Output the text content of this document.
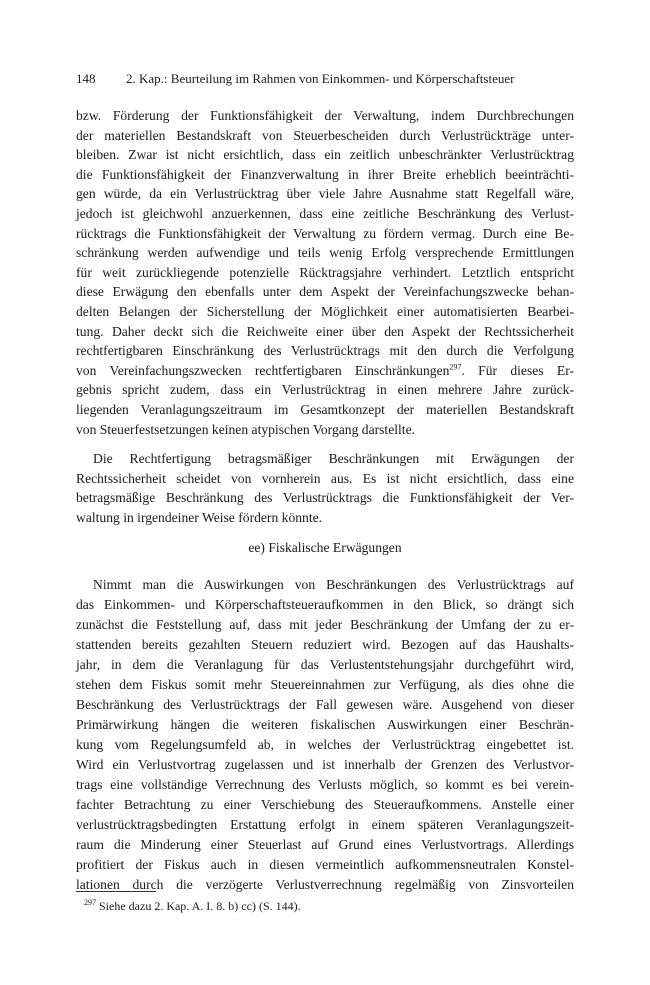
148 2. Kap.: Beurteilung im Rahmen von Einkommen- und Körperschaftsteuer
bzw. Förderung der Funktionsfähigkeit der Verwaltung, indem Durchbrechungen
der materiellen Bestandskraft von Steuerbescheiden durch Verlustrückträge unter-
bleiben. Zwar ist nicht ersichtlich, dass ein zeitlich unbeschränkter Verlustrücktrag
die Funktionsfähigkeit der Finanzverwaltung in ihrer Breite erheblich beeinträchti-
gen würde, da ein Verlustrücktrag über viele Jahre Ausnahme statt Regelfall wäre,
jedoch ist gleichwohl anzuerkennen, dass eine zeitliche Beschränkung des Verlust-
rücktrags die Funktionsfähigkeit der Verwaltung zu fördern vermag. Durch eine Be-
schränkung werden aufwendige und teils wenig Erfolg versprechende Ermittlungen
für weit zurückliegende potenzielle Rücktragsjahre verhindert. Letztlich entspricht
diese Erwägung den ebenfalls unter dem Aspekt der Vereinfachungszwecke behan-
delten Belangen der Sicherstellung der Möglichkeit einer automatisierten Bearbei-
tung. Daher deckt sich die Reichweite einer über den Aspekt der Rechtssicherheit
rechtfertigbaren Einschränkung des Verlustrücktrags mit den durch die Verfolgung
von Vereinfachungszwecken rechtfertigbaren Einschränkungen$^{297}$. Für dieses Er-
gebnis spricht zudem, dass ein Verlustrücktrag in einen mehrere Jahre zurück-
liegenden Veranlagungszeitraum im Gesamtkonzept der materiellen Bestandskraft
von Steuerfestsetzungen keinen atypischen Vorgang darstellte.
Die Rechtfertigung betragsmäßiger Beschränkungen mit Erwägungen der
Rechtssicherheit scheidet von vornherein aus. Es ist nicht ersichtlich, dass eine
betragsmäßige Beschränkung des Verlustrücktrags die Funktionsfähigkeit der Ver-
waltung in irgendeiner Weise fördern könnte.
ee) Fiskalische Erwägungen
Nimmt man die Auswirkungen von Beschränkungen des Verlustrücktrags auf
das Einkommen- und Körperschaftsteueraufkommen in den Blick, so drängt sich
zunächst die Feststellung auf, dass mit jeder Beschränkung der Umfang der zu er-
stattenden bereits gezahlten Steuern reduziert wird. Bezogen auf das Haushalts-
jahr, in dem die Veranlagung für das Verlustentstehungsjahr durchgeführt wird,
stehen dem Fiskus somit mehr Steuereinnahmen zur Verfügung, als dies ohne die
Beschränkung des Verlustrücktrags der Fall gewesen wäre. Ausgehend von dieser
Primärwirkung hängen die weiteren fiskalischen Auswirkungen einer Beschrän-
kung vom Regelungsumfeld ab, in welches der Verlustrücktrag eingebettet ist.
Wird ein Verlustvortrag zugelassen und ist innerhalb der Grenzen des Verlustvor-
trags eine vollständige Verrechnung des Verlusts möglich, so kommt es bei verein-
fachter Betrachtung zu einer Verschiebung des Steueraufkommens. Anstelle einer
verlustrücktragsbedingten Erstattung erfolgt in einem späteren Veranlagungszeit-
raum die Minderung einer Steuerlast auf Grund eines Verlustvortrags. Allerdings
profitiert der Fiskus auch in diesen vermeintlich aufkommensneutralen Konstel-
lationen durch die verzögerte Verlustverrechnung regelmäßig von Zinsvorteilen
$^{297}$ Siehe dazu 2. Kap. A. I. 8. b) cc) (S. 144).
